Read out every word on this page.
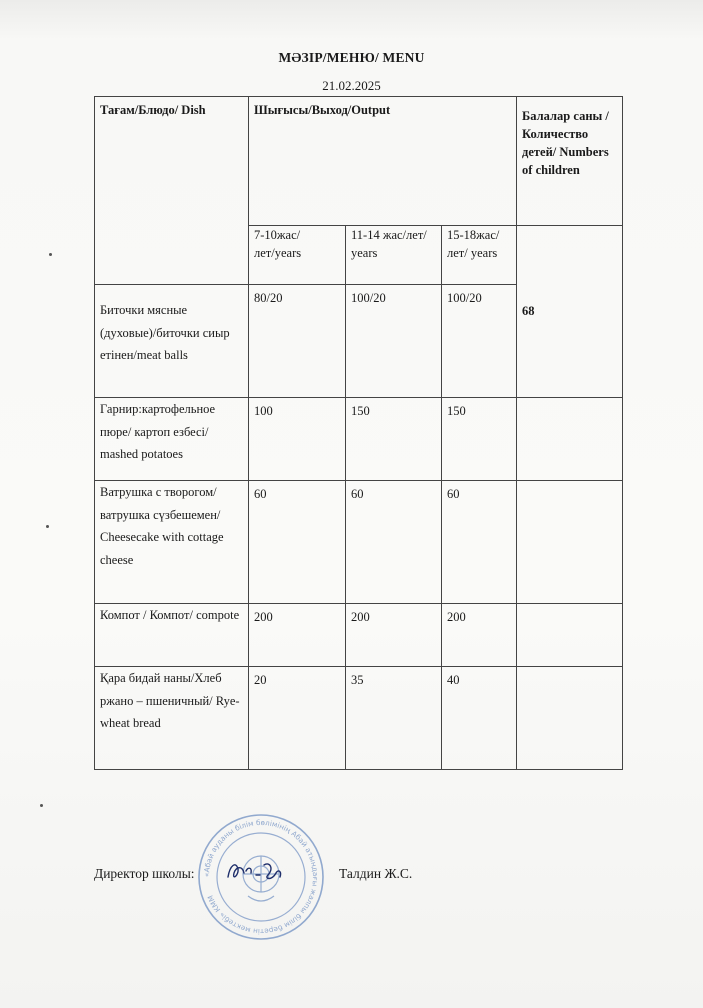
МӘЗІР/МЕНЮ/ MENU
21.02.2025
Тағам/Блюдо/ Dish	Шығысы/Выход/Output			Балалар саны /Количество детей/ Numbers of children
	7-10жас/лет/years	11-14 жас/лет/ years	15-18жас/лет/ years	68
Биточки мясные (духовые)/биточки сиыр етінен/meat balls	80/20	100/20	100/20	
Гарнир:картофельное пюре/ картоп езбесі/ mashed potatoes	100	150	150	
Ватрушка с творогом/ ватрушка сүзбешемен/ Cheesecake with cottage cheese	60	60	60	
Компот / Компот/ compote	200	200	200	
Қара бидай наны/Хлеб ржано – пшеничный/ Rye-wheat bread	20	35	40	
«Абай ауданы білім бөлімінің Абай атындағы жалпы білім беретін мектебі» КММ
Директор школы:	Талдин Ж.С.
